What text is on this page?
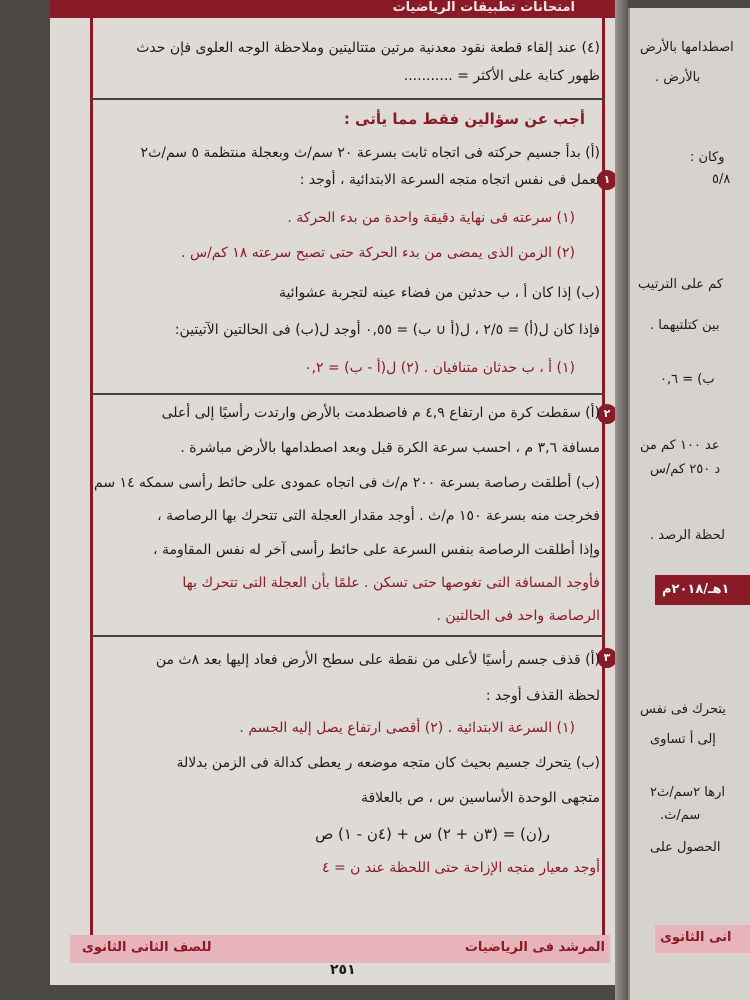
امتحانات تطبيقات الرياضيات
(٤) عند إلقاء قطعة نقود معدنية مرتين متتاليتين وملاحظة الوجه العلوى فإن حدث
ظهور كتابة على الأكثر = ...........
أجب عن سؤالين فقط مما يأتى :
١
(أ) بدأ جسيم حركته فى اتجاه ثابت بسرعة ٢٠ سم/ث وبعجلة منتظمة ٥ سم/ث٢
تعمل فى نفس اتجاه متجه السرعة الابتدائية ، أوجد :
(١) سرعته فى نهاية دقيقة واحدة من بدء الحركة .
(٢) الزمن الذى يمضى من بدء الحركة حتى تصبح سرعته ١٨ كم/س .
(ب) إذا كان أ ، ب حدثين من فضاء عينه لتجربة عشوائية
فإذا كان ل(أ) = ٢/٥ ، ل(أ ∪ ب) = ٠,٥٥ أوجد ل(ب) فى الحالتين الآتيتين:
(١) أ ، ب حدثان متنافيان . (٢) ل(أ - ب) = ٠,٢
٢
(أ) سقطت كرة من ارتفاع ٤,٩ م فاصطدمت بالأرض وارتدت رأسيًا إلى أعلى
مسافة ٣,٦ م ، احسب سرعة الكرة قبل وبعد اصطدامها بالأرض مباشرة .
(ب) أطلقت رصاصة بسرعة ٢٠٠ م/ث فى اتجاه عمودى على حائط رأسى سمكه ١٤ سم
فخرجت منه بسرعة ١٥٠ م/ث . أوجد مقدار العجلة التى تتحرك بها الرصاصة ،
وإذا أطلقت الرصاصة بنفس السرعة على حائط رأسى آخر له نفس المقاومة ،
فأوجد المسافة التى تغوصها حتى تسكن . علمًا بأن العجلة التى تتحرك بها
الرصاصة واحد فى الحالتين .
٣
(أ) قذف جسم رأسيًا لأعلى من نقطة على سطح الأرض فعاد إليها بعد ٨ث من
لحظة القذف أوجد :
(١) السرعة الابتدائية . (٢) أقصى ارتفاع يصل إليه الجسم .
(ب) يتحرك جسيم بحيث كان متجه موضعه ر يعطى كدالة فى الزمن بدلالة
متجهى الوحدة الأساسين س ، ص بالعلاقة
ر(ن) = (٣ن + ٢) س + (٤ن - ١) ص
أوجد معيار متجه الإزاحة حتى اللحظة عند ن = ٤
للصف الثانى الثانوى
٢٥١
المرشد فى الرياضيات
اصطدامها بالأرض
بالأرض .
وكان :
٥/٨
كم على الترتيب
بين كتلتيهما .
ب) = ٠,٦
عد ١٠٠ كم من
د ٢٥٠ كم/س
لحظة الرصد .
١هـ/٢٠١٨م
يتحرك فى نفس
إلى أ تساوى
ارها ٢سم/ث٢
سم/ث.
الحصول على
انى الثانوى
